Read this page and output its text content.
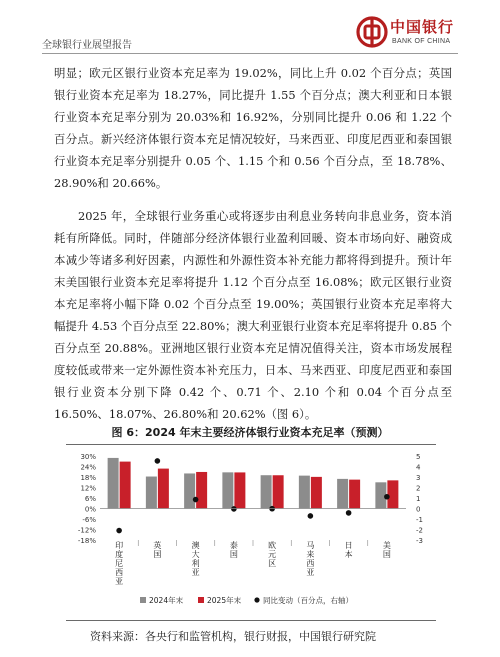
全球银行业展望报告
中国银行
BANK OF CHINA
明显；欧元区银行业资本充足率为 19.02%，同比上升 0.02 个百分点；英国银行业资本充足率为 18.27%，同比提升 1.55 个百分点；澳大利亚和日本银行业资本充足率分别为 20.03%和 16.92%，分别同比提升 0.06 和 1.22 个百分点。新兴经济体银行资本充足情况较好，马来西亚、印度尼西亚和泰国银行业资本充足率分别提升 0.05 个、1.15 个和 0.56 个百分点，至 18.78%、28.90%和 20.66%。
2025 年，全球银行业务重心或将逐步由利息业务转向非息业务，资本消耗有所降低。同时，伴随部分经济体银行业盈利回暖、资本市场向好、融资成本减少等诸多利好因素，内源性和外源性资本补充能力都将得到提升。预计年末美国银行业资本充足率将提升 1.12 个百分点至 16.08%；欧元区银行业资本充足率将小幅下降 0.02 个百分点至 19.00%；英国银行业资本充足率将大幅提升 4.53 个百分点至 22.80%；澳大利亚银行业资本充足率将提升 0.85 个百分点至 20.88%。亚洲地区银行业资本充足情况值得关注，资本市场发展程度较低或带来一定外源性资本补充压力，日本、马来西亚、印度尼西亚和泰国银行业资本分别下降 0.42 个、0.71 个、2.10 个和 0.04 个百分点至 16.50%、18.07%、26.80%和 20.62%（图 6）。
图 6：2024 年末主要经济体银行业资本充足率（预测）
30%
24%
18%
12%
6%
0%
-6%
-12%
-18%
5
4
3
2
1
0
-1
-2
-3
印度尼西亚
英国
澳大利亚
泰国
欧元区
马来西亚
日本
美国
2024年末	2025年末	同比变动（百分点，右轴）
资料来源：各央行和监管机构，银行财报，中国银行研究院
